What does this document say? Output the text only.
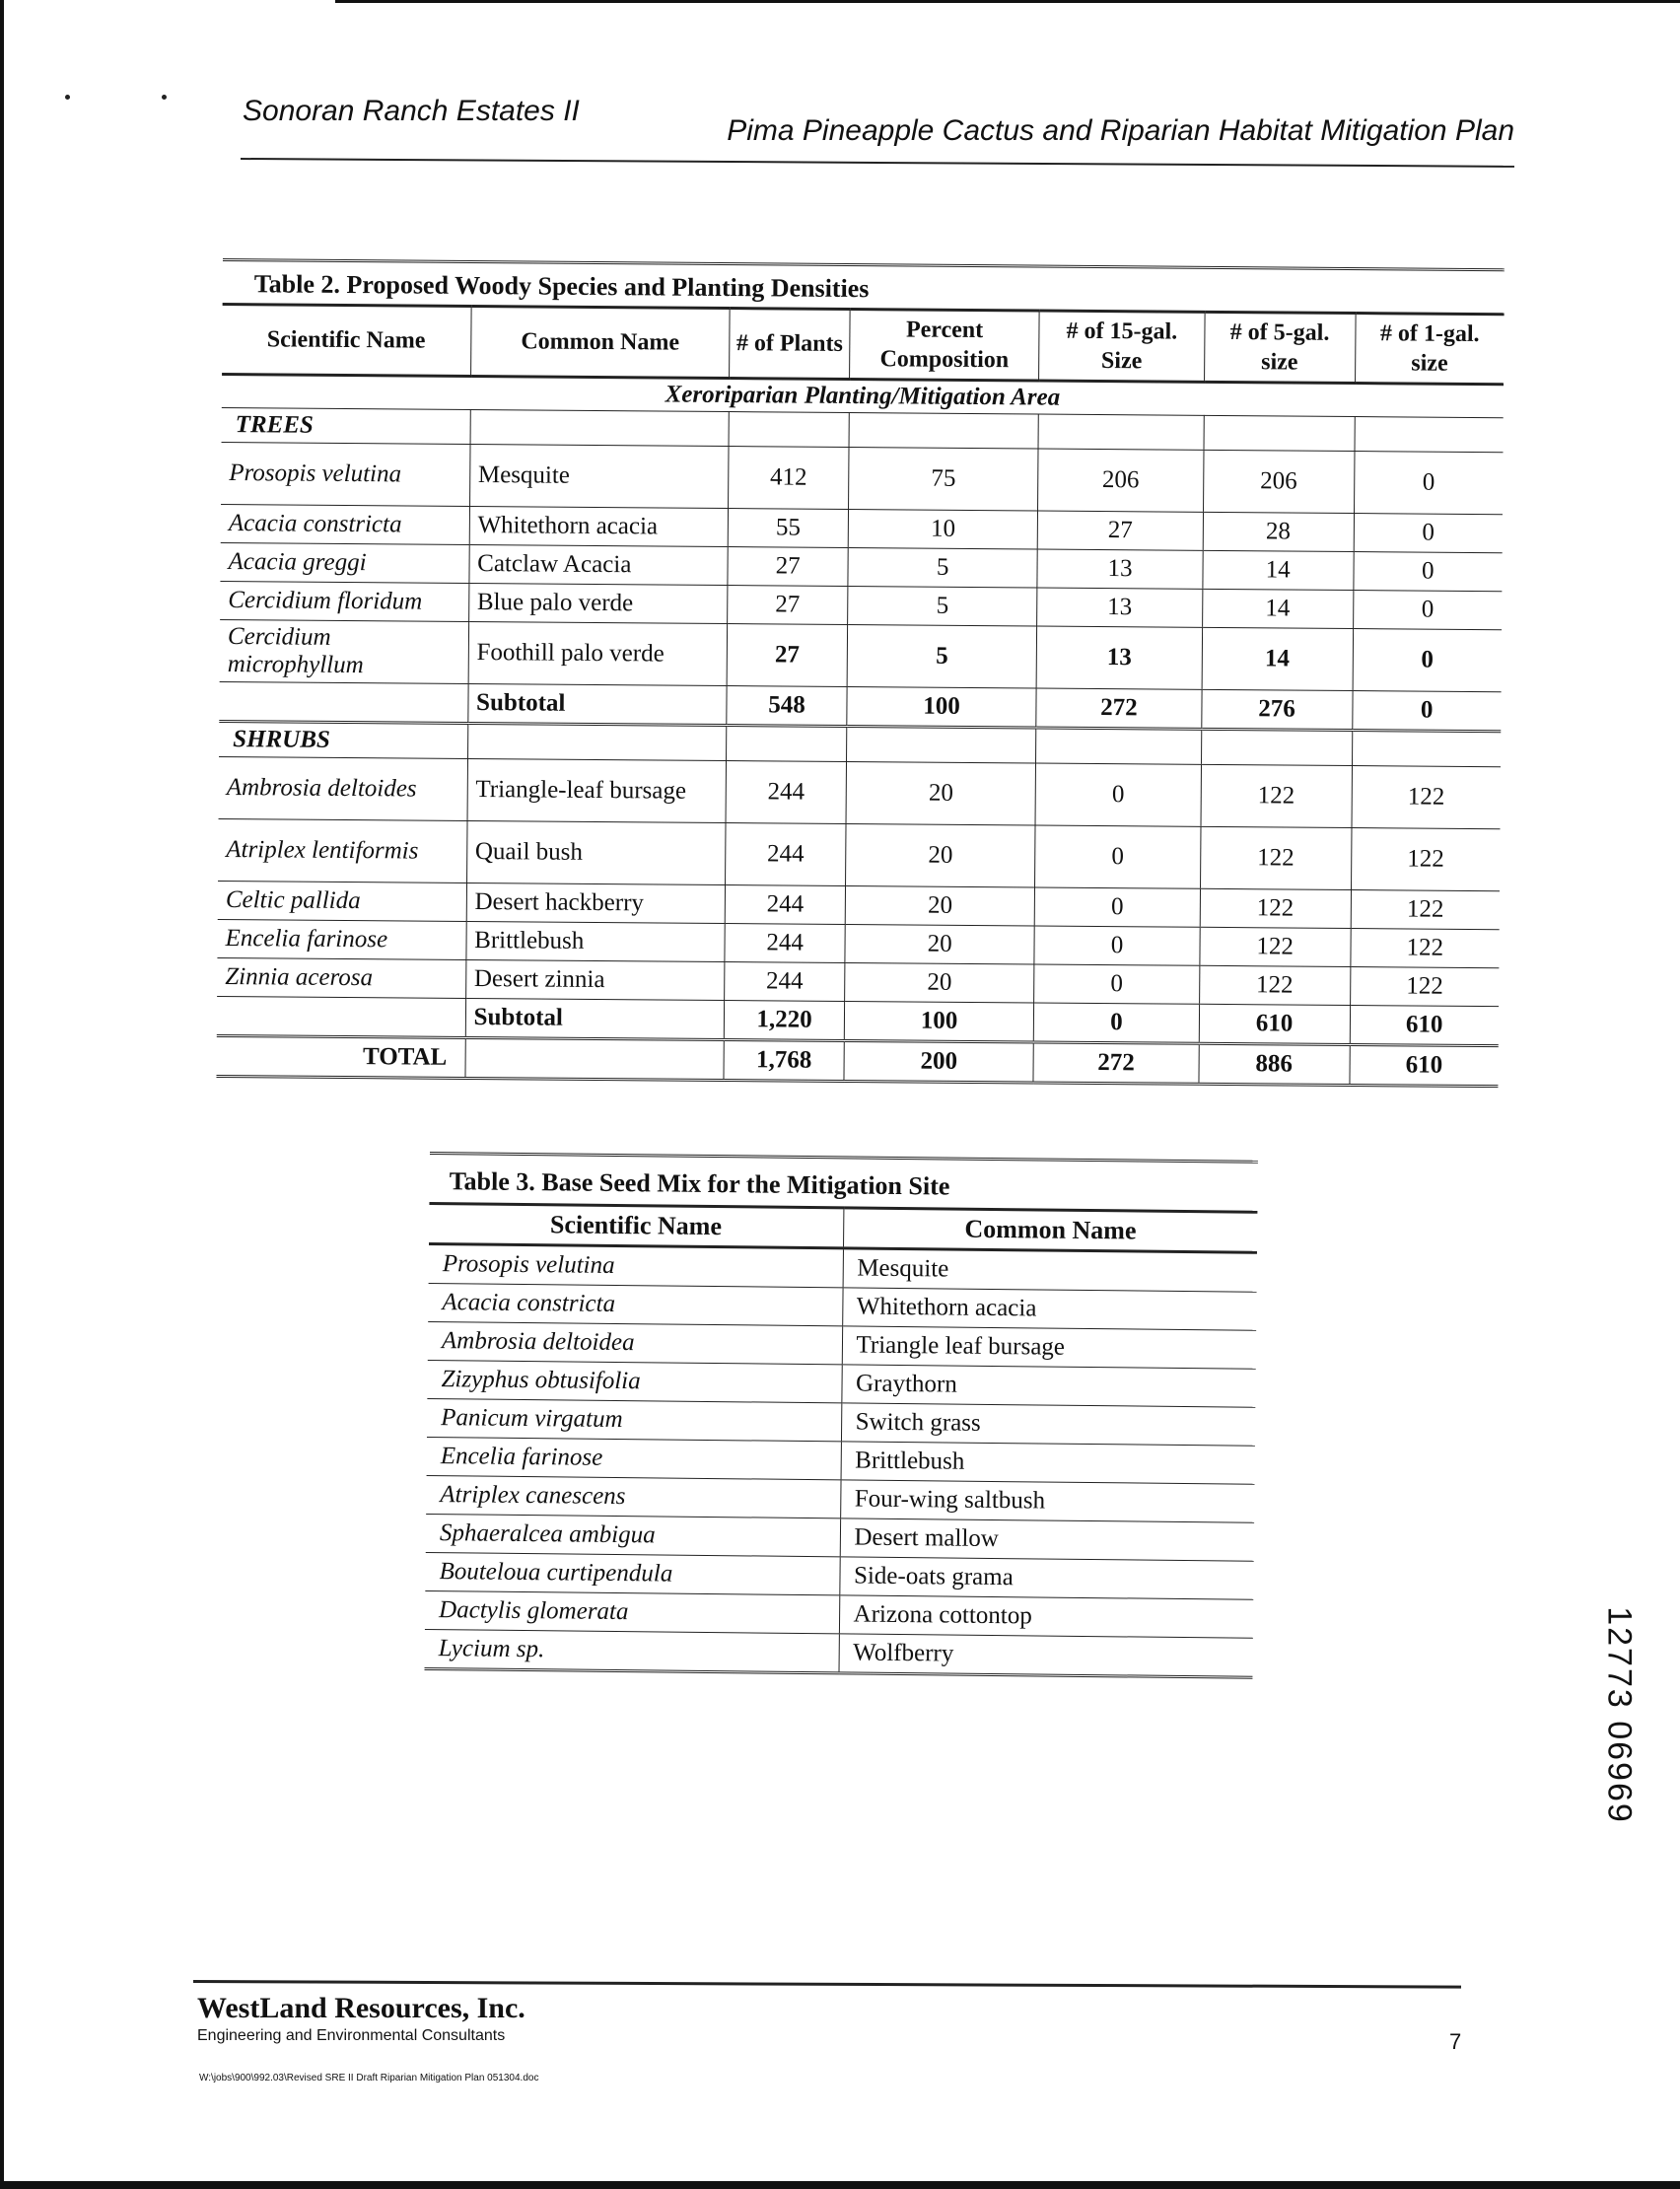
Sonoran Ranch Estates II
Pima Pineapple Cactus and Riparian Habitat Mitigation Plan
Table 2. Proposed Woody Species and Planting Densities
Scientific Name	Common Name	# of Plants	Percent Composition	# of 15-gal. Size	# of 5-gal. size	# of 1-gal. size
Xeroriparian Planting/Mitigation Area						
TREES						
Prosopis velutina	Mesquite	412	75	206	206	0
Acacia constricta	Whitethorn acacia	55	10	27	28	0
Acacia greggi	Catclaw Acacia	27	5	13	14	0
Cercidium floridum	Blue palo verde	27	5	13	14	0
Cercidium microphyllum	Foothill palo verde	27	5	13	14	0
	Subtotal	548	100	272	276	0
SHRUBS						
Ambrosia deltoides	Triangle-leaf bursage	244	20	0	122	122
Atriplex lentiformis	Quail bush	244	20	0	122	122
Celtic pallida	Desert hackberry	244	20	0	122	122
Encelia farinose	Brittlebush	244	20	0	122	122
Zinnia acerosa	Desert zinnia	244	20	0	122	122
	Subtotal	1,220	100	0	610	610
TOTAL		1,768	200	272	886	610
Table 3. Base Seed Mix for the Mitigation Site
Scientific Name	Common Name
Prosopis velutina	Mesquite
Acacia constricta	Whitethorn acacia
Ambrosia deltoidea	Triangle leaf bursage
Zizyphus obtusifolia	Graythorn
Panicum virgatum	Switch grass
Encelia farinose	Brittlebush
Atriplex canescens	Four-wing saltbush
Sphaeralcea ambigua	Desert mallow
Bouteloua curtipendula	Side-oats grama
Dactylis glomerata	Arizona cottontop
Lycium sp.	Wolfberry	12773 06969
WestLand Resources, Inc.
Engineering and Environmental Consultants
W:\jobs\900\992.03\Revised SRE II Draft Riparian Mitigation Plan 051304.doc
7
